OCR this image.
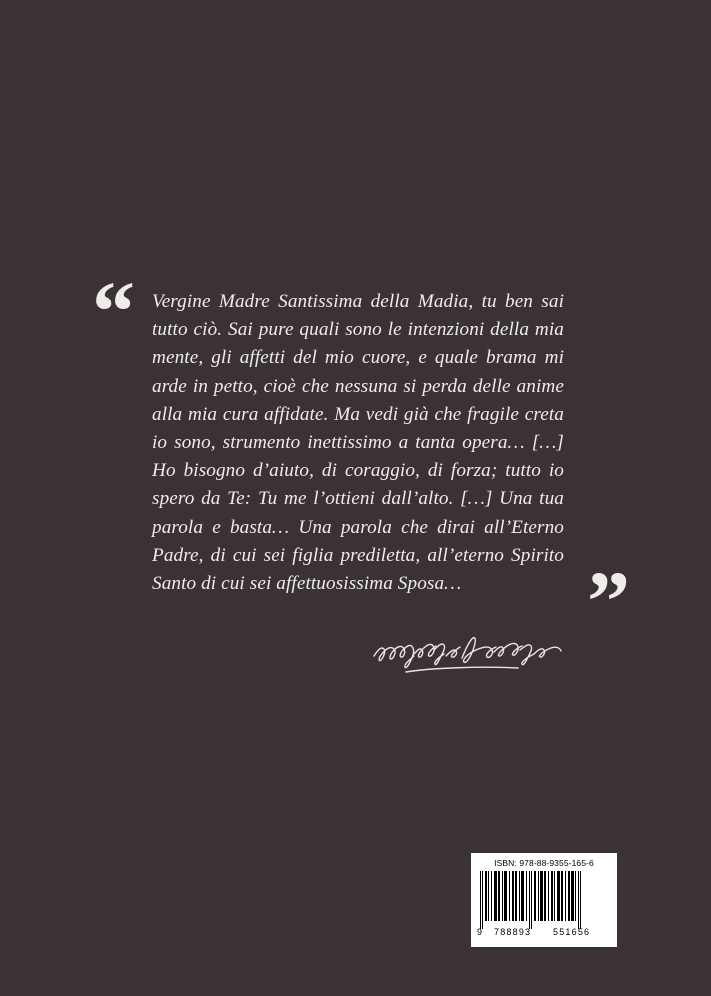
“ Vergine Madre Santissima della Madia, tu ben sai tutto ciò. Sai pure quali sono le intenzioni della mia mente, gli affetti del mio cuore, e quale brama mi arde in petto, cioè che nessuna si perda delle anime alla mia cura affidate. Ma vedi già che fragile creta io sono, strumento inettissimo a tanta opera… […] Ho bisogno d’aiuto, di coraggio, di forza; tutto io spero da Te: Tu me l’ottieni dall’alto. […] Una tua parola e basta… Una parola che dirai all’Eterno Padre, di cui sei figlia prediletta, all’eterno Spirito Santo di cui sei affettuosissima Sposa…	”
ISBN: 978-88-9355-165-6
9 788893 551656
